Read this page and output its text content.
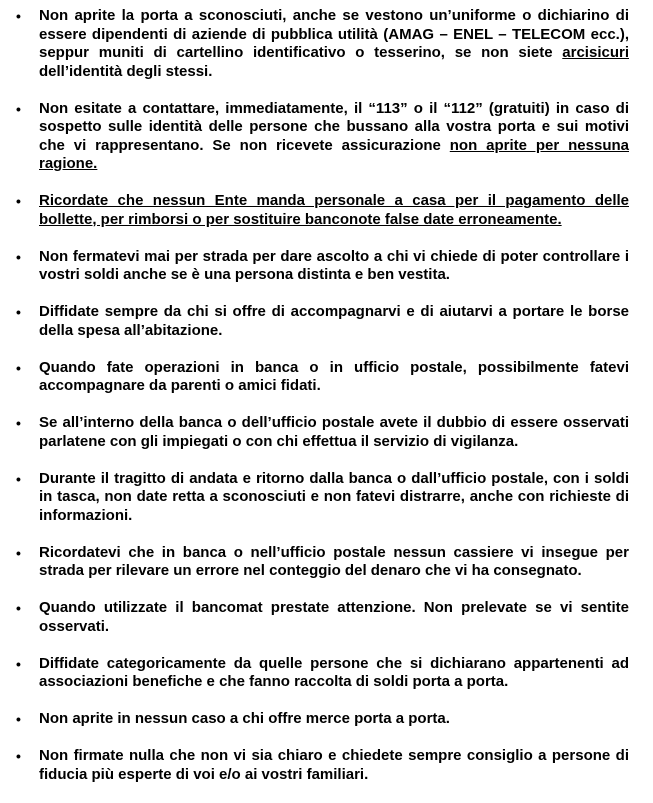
• Non aprite la porta a sconosciuti, anche se vestono un’uniforme o dichiarino di essere dipendenti di aziende di pubblica utilità (AMAG – ENEL – TELECOM ecc.), seppur muniti di cartellino identificativo o tesserino, se non siete arcisicuri dell’identità degli stessi.
• Non esitate a contattare, immediatamente, il “113” o il “112” (gratuiti) in caso di sospetto sulle identità delle persone che bussano alla vostra porta e sui motivi che vi rappresentano. Se non ricevete assicurazione non aprite per nessuna ragione.
• Ricordate che nessun Ente manda personale a casa per il pagamento delle bollette, per rimborsi o per sostituire banconote false date erroneamente.
• Non fermatevi mai per strada per dare ascolto a chi vi chiede di poter controllare i vostri soldi anche se è una persona distinta e ben vestita.
• Diffidate sempre da chi si offre di accompagnarvi e di aiutarvi a portare le borse della spesa all’abitazione.
• Quando fate operazioni in banca o in ufficio postale, possibilmente fatevi accompagnare da parenti o amici fidati.
• Se all’interno della banca o dell’ufficio postale avete il dubbio di essere osservati parlatene con gli impiegati o con chi effettua il servizio di vigilanza.
• Durante il tragitto di andata e ritorno dalla banca o dall’ufficio postale, con i soldi in tasca, non date retta a sconosciuti e non fatevi distrarre, anche con richieste di informazioni.
• Ricordatevi che in banca o nell’ufficio postale nessun cassiere vi insegue per strada per rilevare un errore nel conteggio del denaro che vi ha consegnato.
• Quando utilizzate il bancomat prestate attenzione. Non prelevate se vi sentite osservati.
• Diffidate categoricamente da quelle persone che si dichiarano appartenenti ad associazioni benefiche e che fanno raccolta di soldi porta a porta.
• Non aprite in nessun caso a chi offre merce porta a porta.
• Non firmate nulla che non vi sia chiaro e chiedete sempre consiglio a persone di fiducia più esperte di voi e/o ai vostri familiari.
